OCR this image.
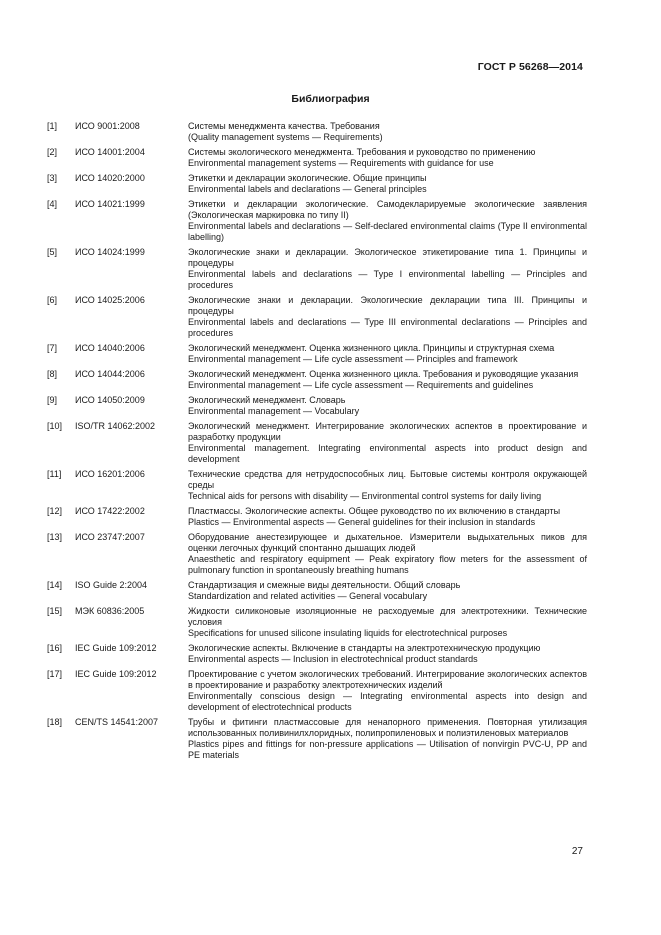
ГОСТ Р 56268—2014
Библиография
[1]	ИСО 9001:2008	Системы менеджмента качества. Требования
(Quality management systems — Requirements)
[2]	ИСО 14001:2004	Системы экологического менеджмента. Требования и руководство по применению
Environmental management systems — Requirements with guidance for use
[3]	ИСО 14020:2000	Этикетки и декларации экологические. Общие принципы
Environmental labels and declarations — General principles
[4]	ИСО 14021:1999	Этикетки и декларации экологические. Самодекларируемые экологические заявления (Экологическая маркировка по типу II)
Environmental labels and declarations — Self-declared environmental claims (Type II environmental labelling)
[5]	ИСО 14024:1999	Экологические знаки и декларации. Экологическое этикетирование типа 1. Принципы и процедуры
Environmental labels and declarations — Type I environmental labelling — Principles and procedures
[6]	ИСО 14025:2006	Экологические знаки и декларации. Экологические декларации типа III. Принципы и процедуры
Environmental labels and declarations — Type III environmental declarations — Principles and procedures
[7]	ИСО 14040:2006	Экологический менеджмент. Оценка жизненного цикла. Принципы и структурная схема
Environmental management — Life cycle assessment — Principles and framework
[8]	ИСО 14044:2006	Экологический менеджмент. Оценка жизненного цикла. Требования и руководящие указания
Environmental management — Life cycle assessment — Requirements and guidelines
[9]	ИСО 14050:2009	Экологический менеджмент. Словарь
Environmental management — Vocabulary
[10]	ISO/TR 14062:2002	Экологический менеджмент. Интегрирование экологических аспектов в проектирование и разработку продукции
Environmental management. Integrating environmental aspects into product design and development
[11]	ИСО 16201:2006	Технические средства для нетрудоспособных лиц. Бытовые системы контроля окружающей среды
Technical aids for persons with disability — Environmental control systems for daily living
[12]	ИСО 17422:2002	Пластмассы. Экологические аспекты. Общее руководство по их включению в стандарты
Plastics — Environmental aspects — General guidelines for their inclusion in standards
[13]	ИСО 23747:2007	Оборудование анестезирующее и дыхательное. Измерители выдыхательных пиков для оценки легочных функций спонтанно дышащих людей
Anaesthetic and respiratory equipment — Peak expiratory flow meters for the assessment of pulmonary function in spontaneously breathing humans
[14]	ISO Guide 2:2004	Стандартизация и смежные виды деятельности. Общий словарь
Standardization and related activities — General vocabulary
[15]	МЭК 60836:2005	Жидкости силиконовые изоляционные не расходуемые для электротехники. Технические условия
Specifications for unused silicone insulating liquids for electrotechnical purposes
[16]	IEC Guide 109:2012	Экологические аспекты. Включение в стандарты на электротехническую продукцию
Environmental aspects — Inclusion in electrotechnical product standards
[17]	IEC Guide 109:2012	Проектирование с учетом экологических требований. Интегрирование экологических аспектов в проектирование и разработку электротехнических изделий
Environmentally conscious design — Integrating environmental aspects into design and development of electrotechnical products
[18]	CEN/TS 14541:2007	Трубы и фитинги пластмассовые для ненапорного применения. Повторная утилизация использованных поливинилхлоридных, полипропиленовых и полиэтиленовых материалов
Plastics pipes and fittings for non-pressure applications — Utilisation of nonvirgin PVC-U, PP and PE materials
27
